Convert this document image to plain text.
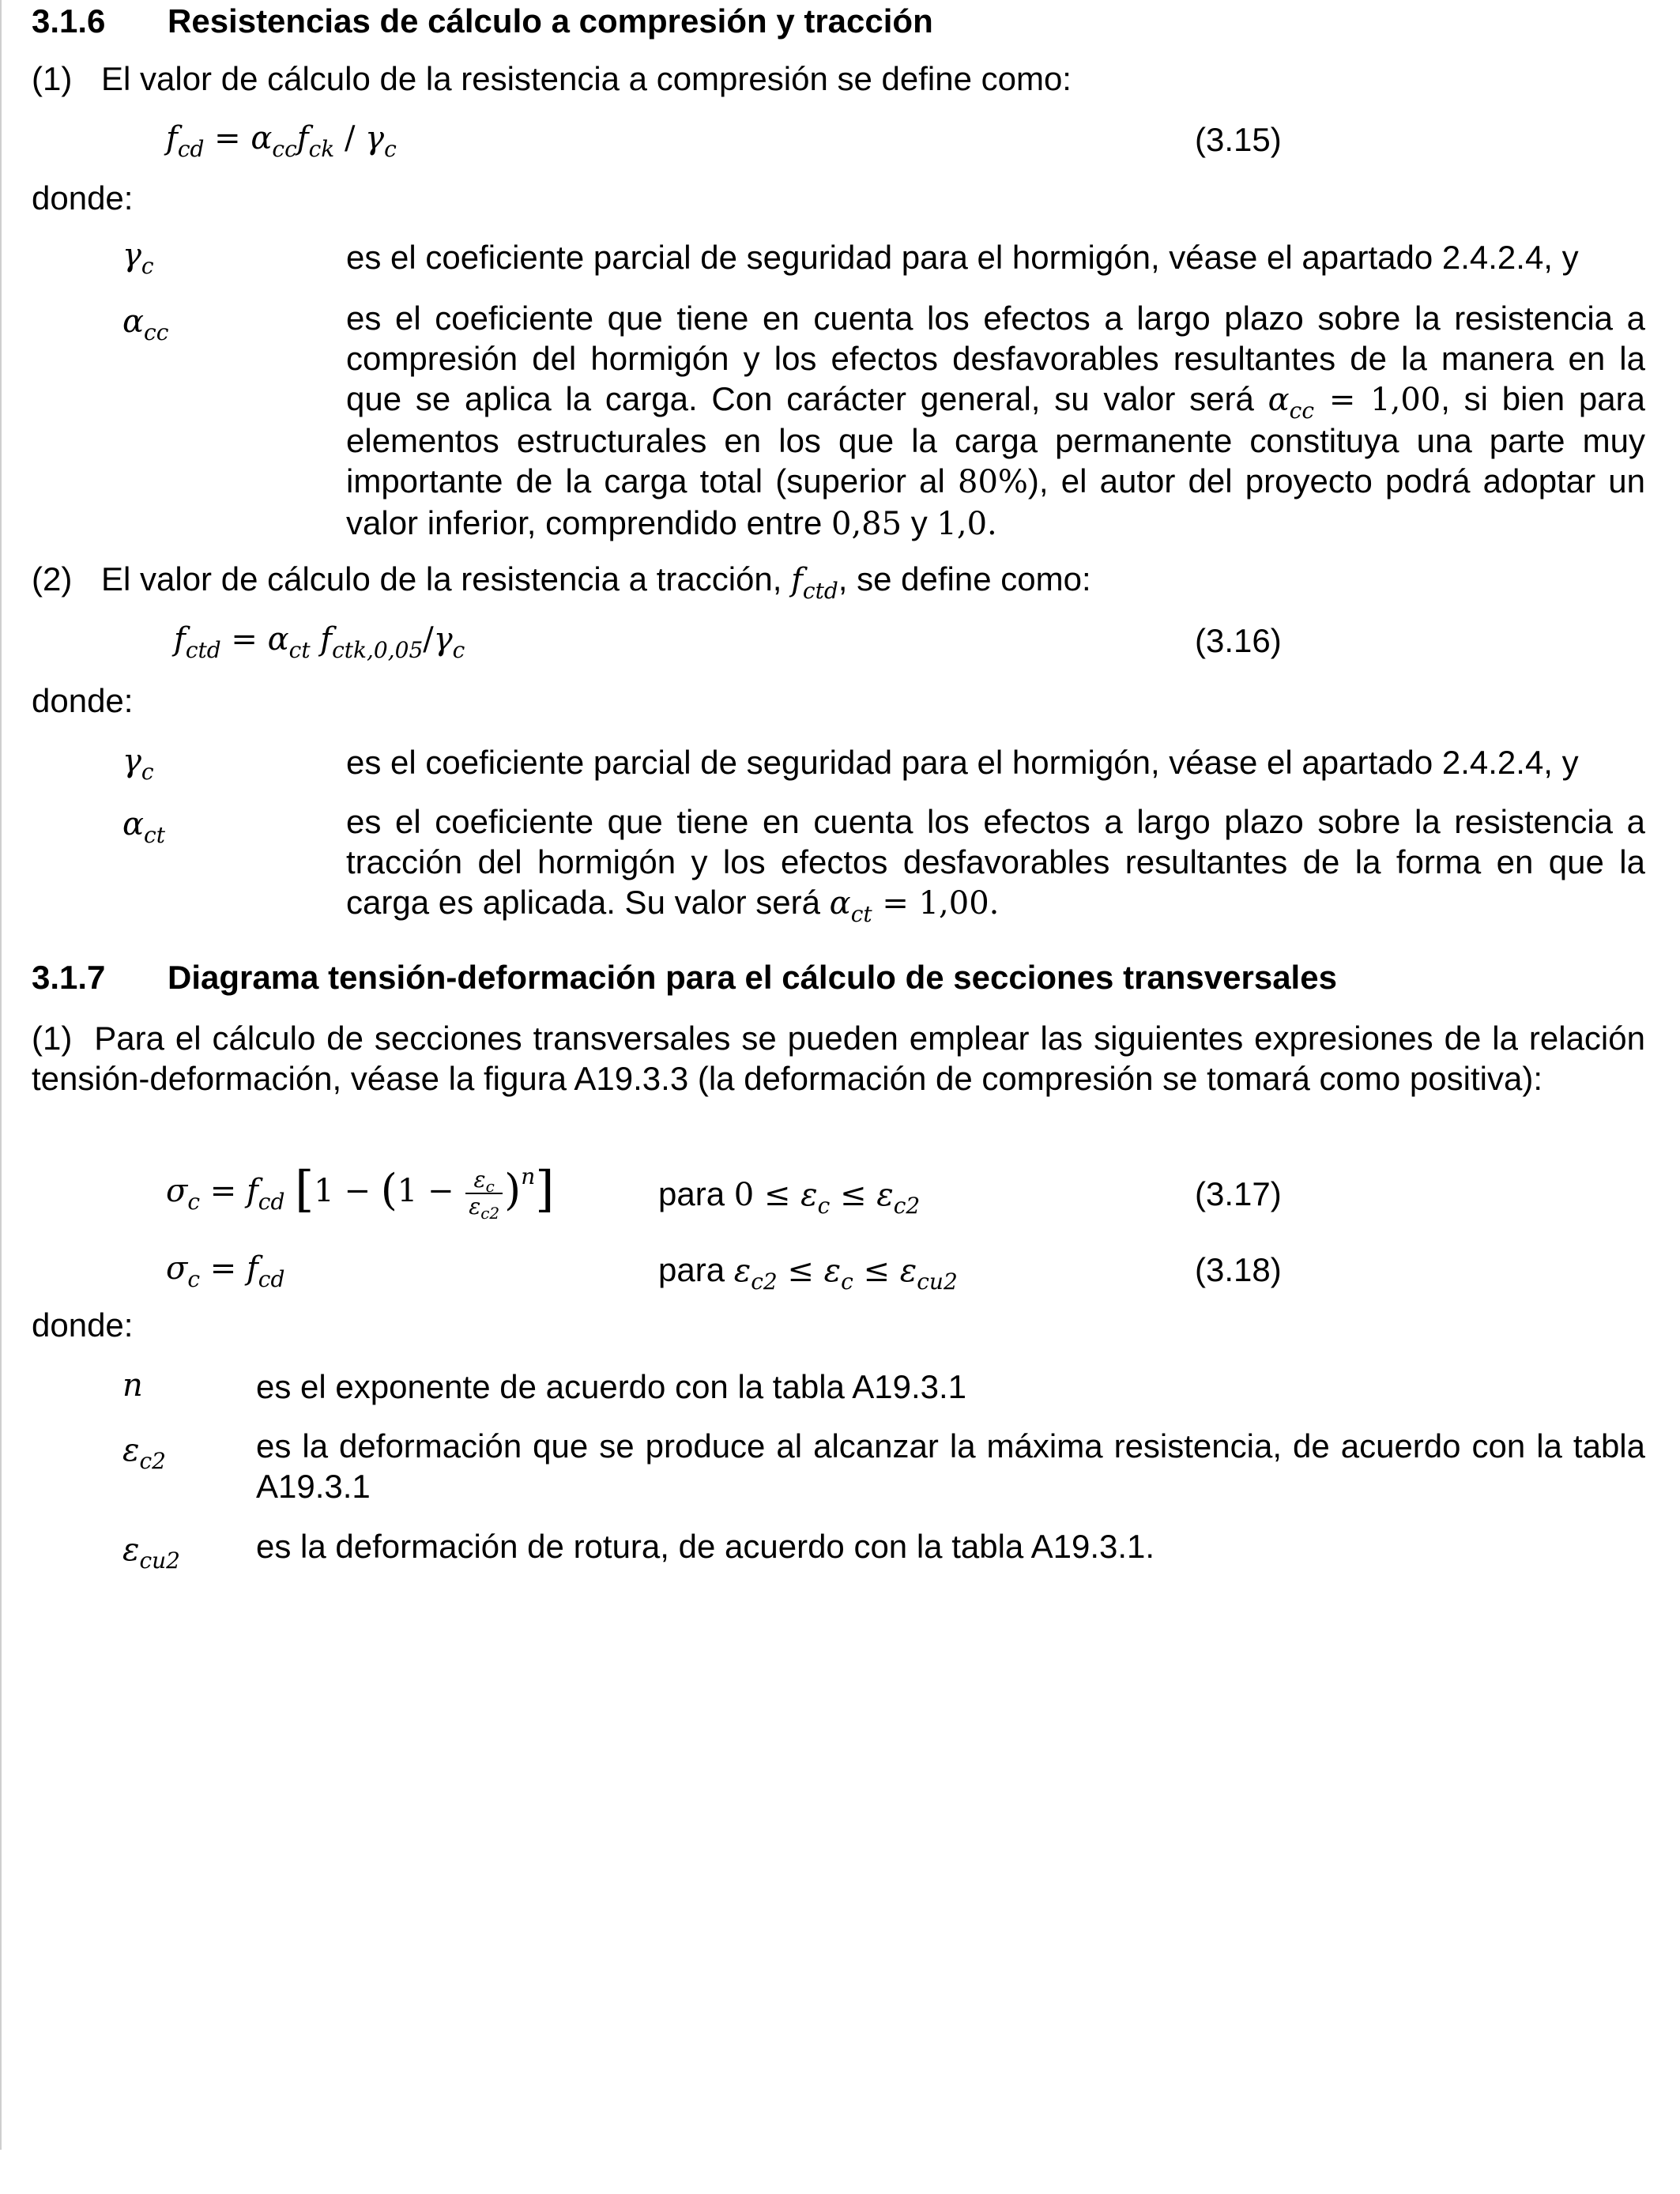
3.1.6 Resistencias de cálculo a compresión y tracción
(1) El valor de cálculo de la resistencia a compresión se define como:
$f_{cd} = \alpha_{cc}f_{ck} / \gamma_c$	(3.15)
donde:
$\gamma_c$	es el coeficiente parcial de seguridad para el hormigón, véase el apartado 2.4.2.4, y
$\alpha_{cc}$	es el coeficiente que tiene en cuenta los efectos a largo plazo sobre la resistencia a compresión del hormigón y los efectos desfavorables resultantes de la manera en la que se aplica la carga. Con carácter general, su valor será $\alpha_{cc} = 1,00$, si bien para elementos estructurales en los que la carga permanente constituya una parte muy importante de la carga total (superior al 80%), el autor del proyecto podrá adoptar un valor inferior, comprendido entre 0,85 y 1,0.
(2) El valor de cálculo de la resistencia a tracción, $f_{ctd}$, se define como:
$f_{ctd} = \alpha_{ct}$ $f_{ctk,0,05}/\gamma_c$	(3.16)
donde:
$\gamma_c$	es el coeficiente parcial de seguridad para el hormigón, véase el apartado 2.4.2.4, y
$\alpha_{ct}$	es el coeficiente que tiene en cuenta los efectos a largo plazo sobre la resistencia a tracción del hormigón y los efectos desfavorables resultantes de la forma en que la carga es aplicada. Su valor será $\alpha_{ct} = 1,00$.
3.1.7 Diagrama tensión-deformación para el cálculo de secciones transversales
(1) Para el cálculo de secciones transversales se pueden emplear las siguientes expresiones de la relación tensión-deformación, véase la figura A19.3.3 (la deformación de compresión se tomará como positiva):
$\sigma_c = f_{cd}$ $[1 - (1 - \frac{\varepsilon_c}{\varepsilon_{c2}} )^n]$	para $0 \le \varepsilon_c \le \varepsilon_{c2}$	(3.17)
$\sigma_c = f_{cd}$	para $\varepsilon_{c2} \le \varepsilon_c \le \varepsilon_{cu2}$	(3.18)
donde:
n	es el exponente de acuerdo con la tabla A19.3.1
$\varepsilon_{c2}$	es la deformación que se produce al alcanzar la máxima resistencia, de acuerdo con la tabla A19.3.1
$\varepsilon_{cu2}$ es la deformación de rotura, de acuerdo con la tabla A19.3.1.
